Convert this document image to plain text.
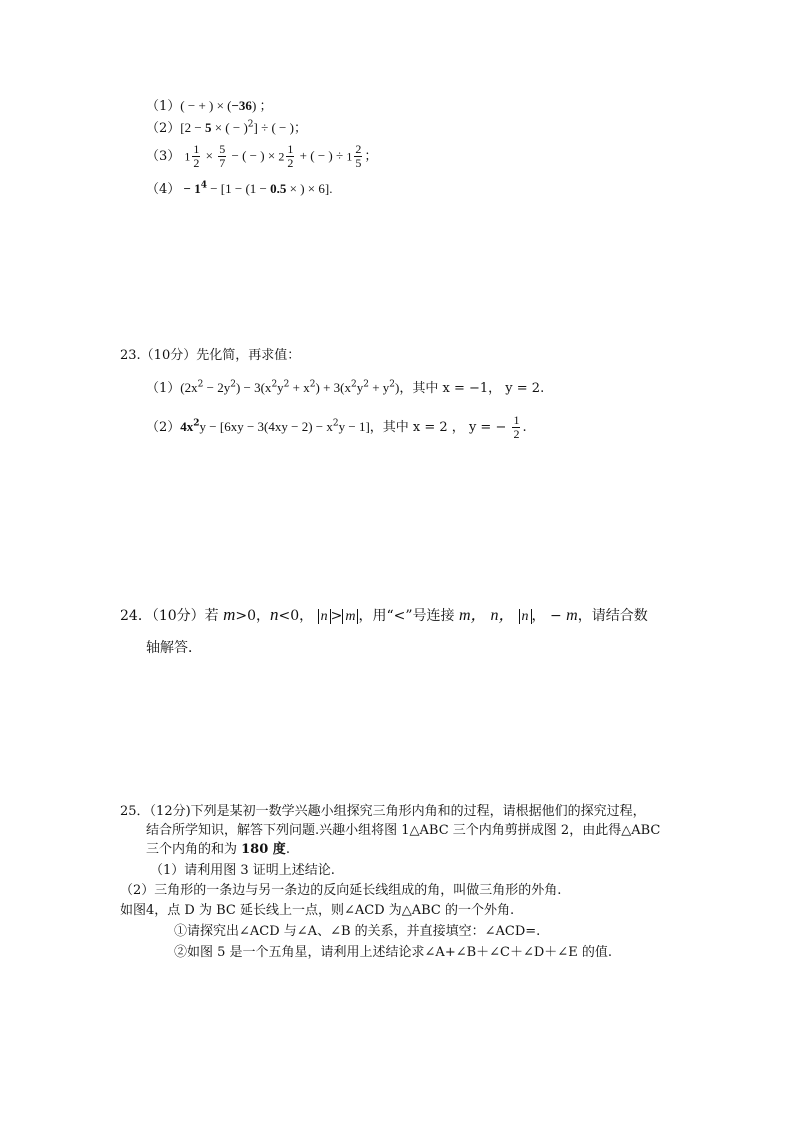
（1）( − + ) × (−36) ；
（2）[2 − 5 × ( − )$^2$] ÷ ( − )；
（3） $1 \frac{1}{2} \times \frac{5}{7}$ − ( − ) × $2 \frac{1}{2}$ + ( − ) ÷ $1 \frac{2}{5}$ ；
$(4) - 1^4 - [1 - (1 - 0.5$ × ) × 6].
23.（10分）先化简，再求值：
$(1)(2x^2 - 2y^2) - 3(x^2y^2 + x^2) + 3(x^2y^2 + y^2)$，其中 x = −1， y = 2.
$(2)4x^2y - [6xy - 3(4xy - 2) - x^2y - 1]$，其中 x = 2 ， y = − $\frac{1}{2}$ .
24．（10分）若 m>0，n<0， n > m ，用“<”号连接 m， n， n ， − m，请结合数
轴解答．
25．（12分)下列是某初一数学兴趣小组探究三角形内角和的过程，请根据他们的探究过程，
结合所学知识，解答下列问题.兴趣小组将图 1△ABC 三个内角剪拼成图 2，由此得△ABC
三个内角的和为 180 度.
（1）请利用图 3 证明上述结论.
（2）三角形的一条边与另一条边的反向延长线组成的角，叫做三角形的外角.
如图4，点 D 为 BC 延长线上一点，则∠ACD 为△ABC 的一个外角.
①请探究出∠ACD 与∠A、∠B 的关系，并直接填空：∠ACD=.
②如图 5 是一个五角星，请利用上述结论求∠A+∠B＋∠C＋∠D＋∠E 的值.
